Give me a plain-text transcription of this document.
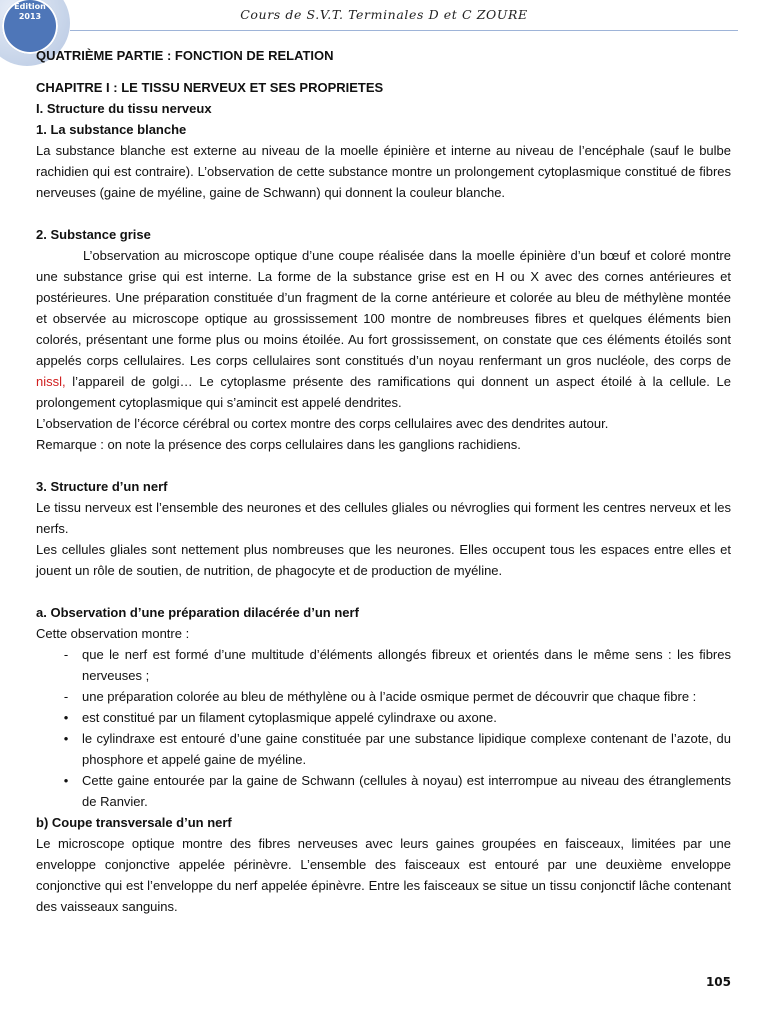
Edition
2013	Cours de S.V.T. Terminales D et C ZOURE
QUATRIÈME PARTIE : FONCTION DE RELATION
CHAPITRE I : LE TISSU NERVEUX ET SES PROPRIETES
I. Structure du tissu nerveux
1. La substance blanche
La substance blanche est externe au niveau de la moelle épinière et interne au niveau de l’encéphale (sauf le bulbe rachidien qui est contraire). L’observation de cette substance montre un prolongement cytoplasmique constitué de fibres nerveuses (gaine de myéline, gaine de Schwann) qui donnent la couleur blanche.
2. Substance grise
L’observation au microscope optique d’une coupe réalisée dans la moelle épinière d’un bœuf et coloré montre une substance grise qui est interne. La forme de la substance grise est en H ou X avec des cornes antérieures et postérieures. Une préparation constituée d’un fragment de la corne antérieure et colorée au bleu de méthylène montée et observée au microscope optique au grossissement 100 montre de nombreuses fibres et quelques éléments bien colorés, présentant une forme plus ou moins étoilée. Au fort grossissement, on constate que ces éléments étoilés sont appelés corps cellulaires. Les corps cellulaires sont constitués d’un noyau renfermant un gros nucléole, des corps de nissl, l’appareil de golgi… Le cytoplasme présente des ramifications qui donnent un aspect étoilé à la cellule. Le prolongement cytoplasmique qui s’amincit est appelé dendrites.
L’observation de l’écorce cérébral ou cortex montre des corps cellulaires avec des dendrites autour.
Remarque : on note la présence des corps cellulaires dans les ganglions rachidiens.
3. Structure d’un nerf
Le tissu nerveux est l’ensemble des neurones et des cellules gliales ou névroglies qui forment les centres nerveux et les nerfs.
Les cellules gliales sont nettement plus nombreuses que les neurones. Elles occupent tous les espaces entre elles et jouent un rôle de soutien, de nutrition, de phagocyte et de production de myéline.
a. Observation d’une préparation dilacérée d’un nerf
Cette observation montre :
-	que le nerf est formé d’une multitude d’éléments allongés fibreux et orientés dans le même sens : les fibres nerveuses ;
-	une préparation colorée au bleu de méthylène ou à l’acide osmique permet de découvrir que chaque fibre :
•	est constitué par un filament cytoplasmique appelé cylindraxe ou axone.
•	le cylindraxe est entouré d’une gaine constituée par une substance lipidique complexe contenant de l’azote, du phosphore et appelé gaine de myéline.
•	Cette gaine entourée par la gaine de Schwann (cellules à noyau) est interrompue au niveau des étranglements de Ranvier.
b) Coupe transversale d’un nerf
Le microscope optique montre des fibres nerveuses avec leurs gaines groupées en faisceaux, limitées par une enveloppe conjonctive appelée périnèvre. L’ensemble des faisceaux est entouré par une deuxième enveloppe conjonctive qui est l’enveloppe du nerf appelée épinèvre. Entre les faisceaux se situe un tissu conjonctif lâche contenant des vaisseaux sanguins.
105
